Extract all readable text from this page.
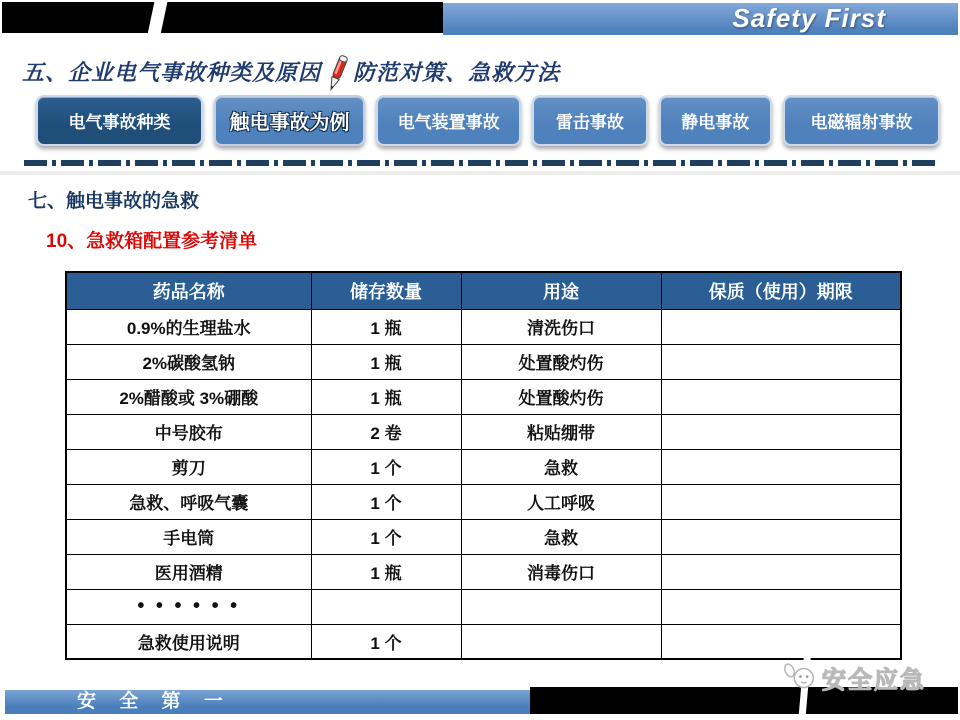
Safety First
五、企业电气事故种类及原因 防范对策、急救方法
电气事故种类	触电事故为例	电气装置事故	雷击事故	静电事故	电磁辐射事故
七、触电事故的急救
10、急救箱配置参考清单
药品名称	储存数量	用途	保质（使用）期限
0.9%的生理盐水	1 瓶	清洗伤口	
2%碳酸氢钠	1 瓶	处置酸灼伤	
2%醋酸或 3%硼酸	1 瓶	处置酸灼伤	
中号胶布	2 卷	粘贴绷带	
剪刀	1 个	急救	
急救、呼吸气囊	1 个	人工呼吸	
手电筒	1 个	急救	
医用酒精	1 瓶	消毒伤口	
• • • • • •			
急救使用说明	1 个		
安全应急
安 全 第 一
